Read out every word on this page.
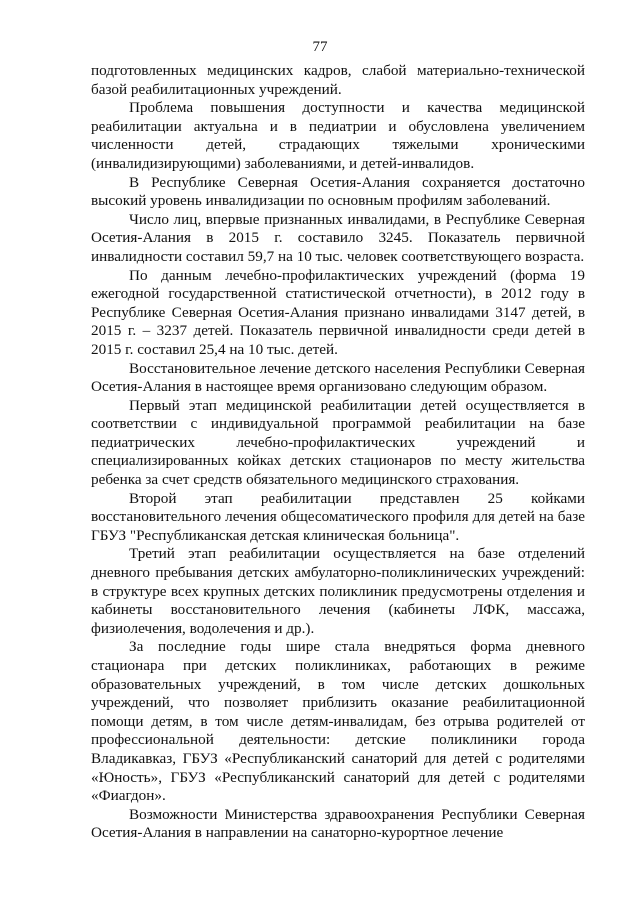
77

подготовленных медицинских кадров, слабой материально-технической базой реабилитационных учреждений.

Проблема повышения доступности и качества медицинской реабилитации актуальна и в педиатрии и обусловлена увеличением численности детей, страдающих тяжелыми хроническими (инвалидизирующими) заболеваниями, и детей-инвалидов.

В Республике Северная Осетия-Алания сохраняется достаточно высокий уровень инвалидизации по основным профилям заболеваний.

Число лиц, впервые признанных инвалидами, в Республике Северная Осетия-Алания в 2015 г. составило 3245. Показатель первичной инвалидности составил 59,7 на 10 тыс. человек соответствующего возраста.

По данным лечебно-профилактических учреждений (форма 19 ежегодной государственной статистической отчетности), в 2012 году в Республике Северная Осетия-Алания признано инвалидами 3147 детей, в 2015 г. – 3237 детей. Показатель первичной инвалидности среди детей в 2015 г. составил 25,4 на 10 тыс. детей.

Восстановительное лечение детского населения Республики Северная Осетия-Алания в настоящее время организовано следующим образом.

Первый этап медицинской реабилитации детей осуществляется в соответствии с индивидуальной программой реабилитации на базе педиатрических лечебно-профилактических учреждений и специализированных койках детских стационаров по месту жительства ребенка за счет средств обязательного медицинского страхования.

Второй этап реабилитации представлен 25 койками восстановительного лечения общесоматического профиля для детей на базе ГБУЗ "Республиканская детская клиническая больница".

Третий этап реабилитации осуществляется на базе отделений дневного пребывания детских амбулаторно-поликлинических учреждений: в структуре всех крупных детских поликлиник предусмотрены отделения и кабинеты восстановительного лечения (кабинеты ЛФК, массажа, физиолечения, водолечения и др.).

За последние годы шире стала внедряться форма дневного стационара при детских поликлиниках, работающих в режиме образовательных учреждений, в том числе детских дошкольных учреждений, что позволяет приблизить оказание реабилитационной помощи детям, в том числе детям-инвалидам, без отрыва родителей от профессиональной деятельности: детские поликлиники города Владикавказ, ГБУЗ «Республиканский санаторий для детей с родителями «Юность», ГБУЗ «Республиканский санаторий для детей с родителями «Фиагдон».

Возможности Министерства здравоохранения Республики Северная Осетия-Алания в направлении на санаторно-курортное лечение
